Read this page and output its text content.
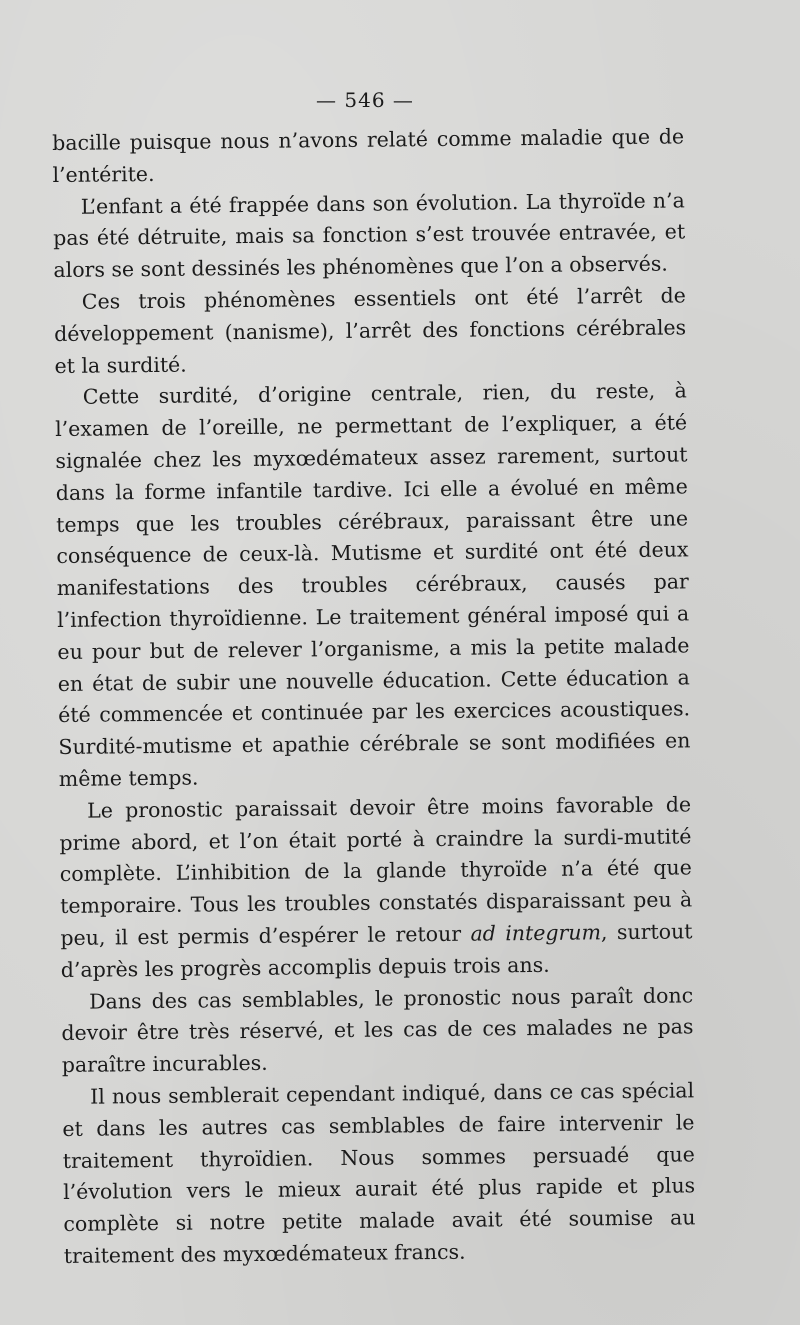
— 546 —

bacille puisque nous n’avons relaté comme maladie que de l’entérite.

L’enfant a été frappée dans son évolution. La thyroïde n’a pas été détruite, mais sa fonction s’est trouvée entravée, et alors se sont dessinés les phénomènes que l’on a observés.

Ces trois phénomènes essentiels ont été l’arrêt de développement (nanisme), l’arrêt des fonctions cérébrales et la surdité.

Cette surdité, d’origine centrale, rien, du reste, à l’examen de l’oreille, ne permettant de l’expliquer, a été signalée chez les myxœdémateux assez rarement, surtout dans la forme infantile tardive. Ici elle a évolué en même temps que les troubles cérébraux, paraissant être une conséquence de ceux-là. Mutisme et surdité ont été deux manifestations des troubles cérébraux, causés par l’infection thyroïdienne. Le traitement général imposé qui a eu pour but de relever l’organisme, a mis la petite malade en état de subir une nouvelle éducation. Cette éducation a été commencée et continuée par les exercices acoustiques. Surdité-mutisme et apathie cérébrale se sont modifiées en même temps.

Le pronostic paraissait devoir être moins favorable de prime abord, et l’on était porté à craindre la surdi-mutité complète. L’inhibition de la glande thyroïde n’a été que temporaire. Tous les troubles constatés disparaissant peu à peu, il est permis d’espérer le retour ad integrum, surtout d’après les progrès accomplis depuis trois ans.

Dans des cas semblables, le pronostic nous paraît donc devoir être très réservé, et les cas de ces malades ne pas paraître incurables.

Il nous semblerait cependant indiqué, dans ce cas spécial et dans les autres cas semblables de faire intervenir le traitement thyroïdien. Nous sommes persuadé que l’évolution vers le mieux aurait été plus rapide et plus complète si notre petite malade avait été soumise au traitement des myxœdémateux francs.
